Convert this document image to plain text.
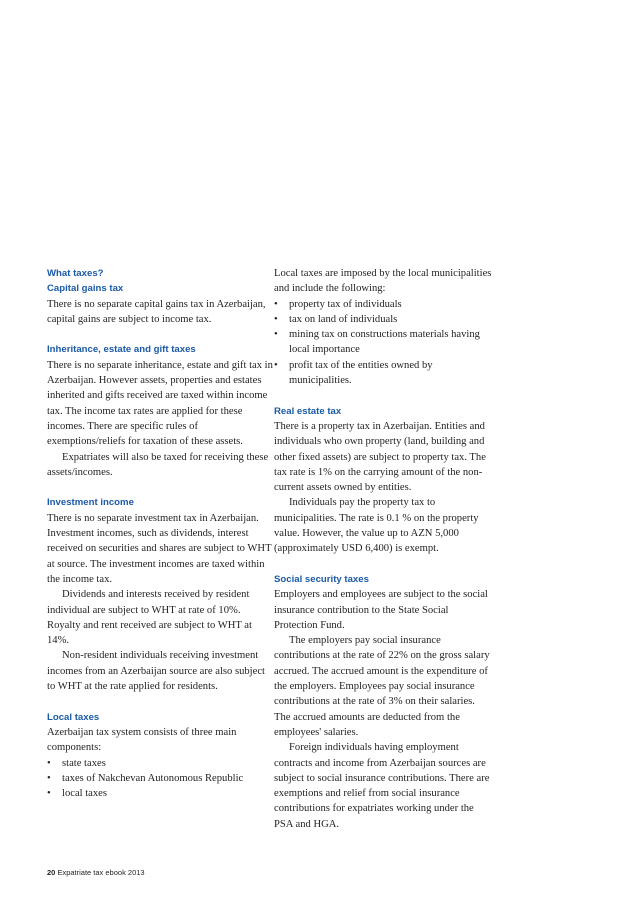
What taxes?

Capital gains tax

There is no separate capital gains tax in Azerbaijan, capital gains are subject to income tax.

Inheritance, estate and gift taxes

There is no separate inheritance, estate and gift tax in Azerbaijan. However assets, properties and estates inherited and gifts received are taxed within income tax. The income tax rates are applied for these incomes. There are specific rules of exemptions/reliefs for taxation of these assets.

Expatriates will also be taxed for receiving these assets/incomes.

Investment income

There is no separate investment tax in Azerbaijan. Investment incomes, such as dividends, interest received on securities and shares are subject to WHT at source. The investment incomes are taxed within the income tax.

Dividends and interests received by resident individual are subject to WHT at rate of 10%. Royalty and rent received are subject to WHT at 14%.

Non-resident individuals receiving investment incomes from an Azerbaijan source are also subject to WHT at the rate applied for residents.

Local taxes

Azerbaijan tax system consists of three main components:

• state taxes
• taxes of Nakchevan Autonomous Republic
• local taxes

Local taxes are imposed by the local municipalities and include the following:

• property tax of individuals
• tax on land of individuals
• mining tax on constructions materials having local importance
• profit tax of the entities owned by municipalities.

Real estate tax

There is a property tax in Azerbaijan. Entities and individuals who own property (land, building and other fixed assets) are subject to property tax. The tax rate is 1% on the carrying amount of the non-current assets owned by entities.

Individuals pay the property tax to municipalities. The rate is 0.1 % on the property value. However, the value up to AZN 5,000 (approximately USD 6,400) is exempt.

Social security taxes

Employers and employees are subject to the social insurance contribution to the State Social Protection Fund.

The employers pay social insurance contributions at the rate of 22% on the gross salary accrued. The accrued amount is the expenditure of the employers. Employees pay social insurance contributions at the rate of 3% on their salaries. The accrued amounts are deducted from the employees' salaries.

Foreign individuals having employment contracts and income from Azerbaijan sources are subject to social insurance contributions. There are exemptions and relief from social insurance contributions for expatriates working under the PSA and HGA.

20 Expatriate tax ebook 2013
